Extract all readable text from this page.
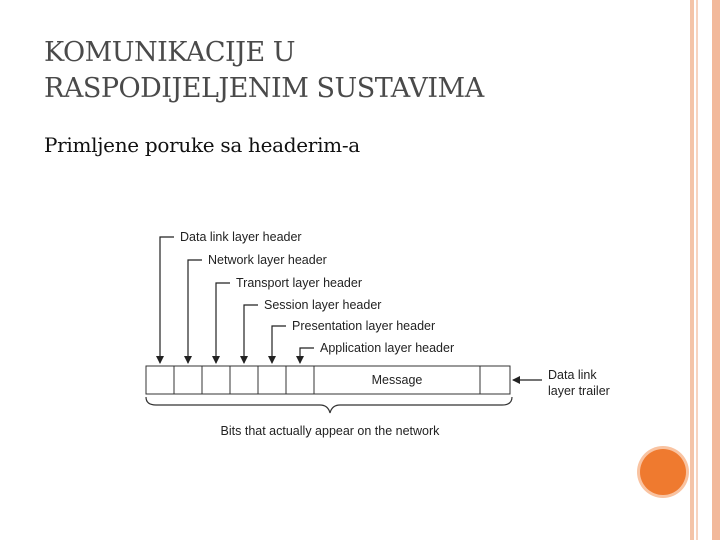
KOMUNIKACIJE U
RASPODIJELJENIM SUSTAVIMA

Primljene poruke sa headerim-a

Data link layer header
Network layer header
Transport layer header
Session layer header
Presentation layer header
Application layer header
Message	Data link
layer trailer
Bits that actually appear on the network
